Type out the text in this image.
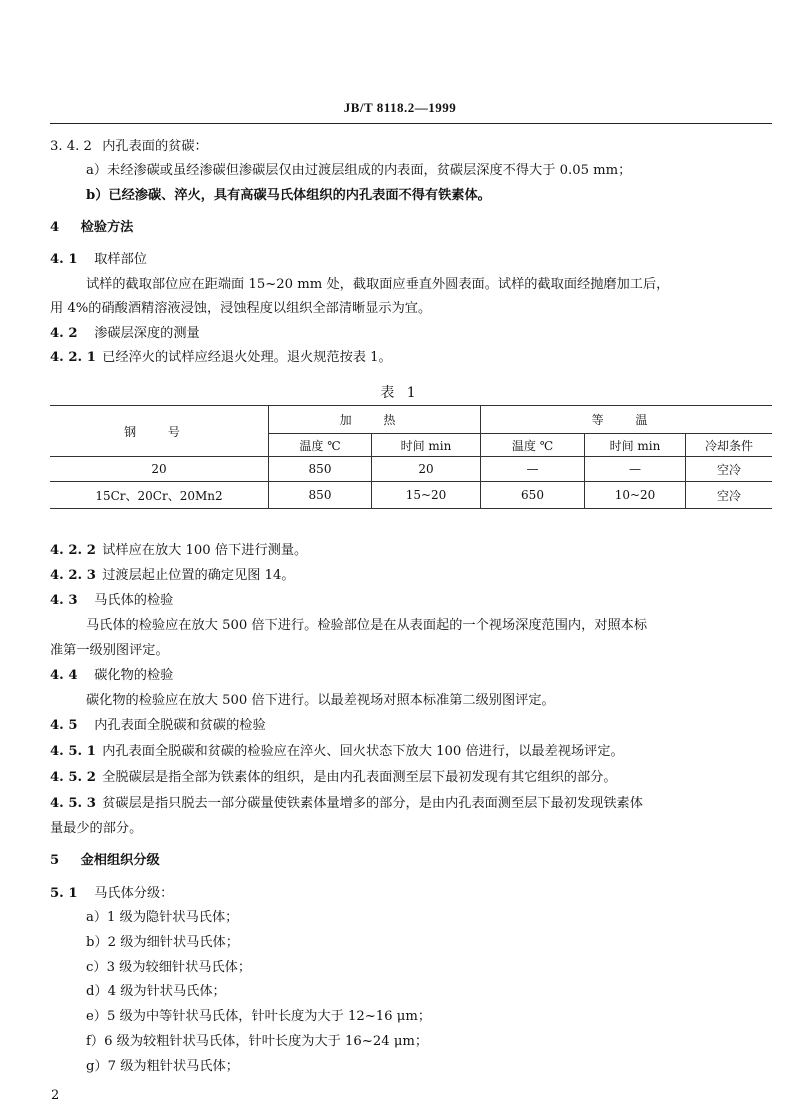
JB/T 8118.2—1999
3. 4. 2 内孔表面的贫碳：
a）未经渗碳或虽经渗碳但渗碳层仅由过渡层组成的内表面，贫碳层深度不得大于 0.05 mm；
b）已经渗碳、淬火，具有高碳马氏体组织的内孔表面不得有铁素体。
4 检验方法
4. 1 取样部位
试样的截取部位应在距端面 15~20 mm 处，截取面应垂直外圆表面。试样的截取面经抛磨加工后，
用 4%的硝酸酒精溶液浸蚀，浸蚀程度以组织全部清晰显示为宜。
4. 2 渗碳层深度的测量
4. 2. 1 已经淬火的试样应经退火处理。退火规范按表 1。
表 1
钢 号	加 热		等 温		
	温度 ℃	时间 min	温度 ℃	时间 min	冷却条件
20	850	20	—	—	空冷
15Cr、20Cr、20Mn2	850	15~20	650	10~20	空冷
4. 2. 2 试样应在放大 100 倍下进行测量。
4. 2. 3 过渡层起止位置的确定见图 14。
4. 3 马氏体的检验
马氏体的检验应在放大 500 倍下进行。检验部位是在从表面起的一个视场深度范围内，对照本标
准第一级别图评定。
4. 4 碳化物的检验
碳化物的检验应在放大 500 倍下进行。以最差视场对照本标准第二级别图评定。
4. 5 内孔表面全脱碳和贫碳的检验
4. 5. 1 内孔表面全脱碳和贫碳的检验应在淬火、回火状态下放大 100 倍进行，以最差视场评定。
4. 5. 2 全脱碳层是指全部为铁素体的组织，是由内孔表面测至层下最初发现有其它组织的部分。
4. 5. 3 贫碳层是指只脱去一部分碳量使铁素体量增多的部分，是由内孔表面测至层下最初发现铁素体
量最少的部分。
5 金相组织分级
5. 1 马氏体分级：
a）1 级为隐针状马氏体；
b）2 级为细针状马氏体；
c）3 级为较细针状马氏体；
d）4 级为针状马氏体；
e）5 级为中等针状马氏体，针叶长度为大于 12~16 μm；
f）6 级为较粗针状马氏体，针叶长度为大于 16~24 μm；
g）7 级为粗针状马氏体；
2
